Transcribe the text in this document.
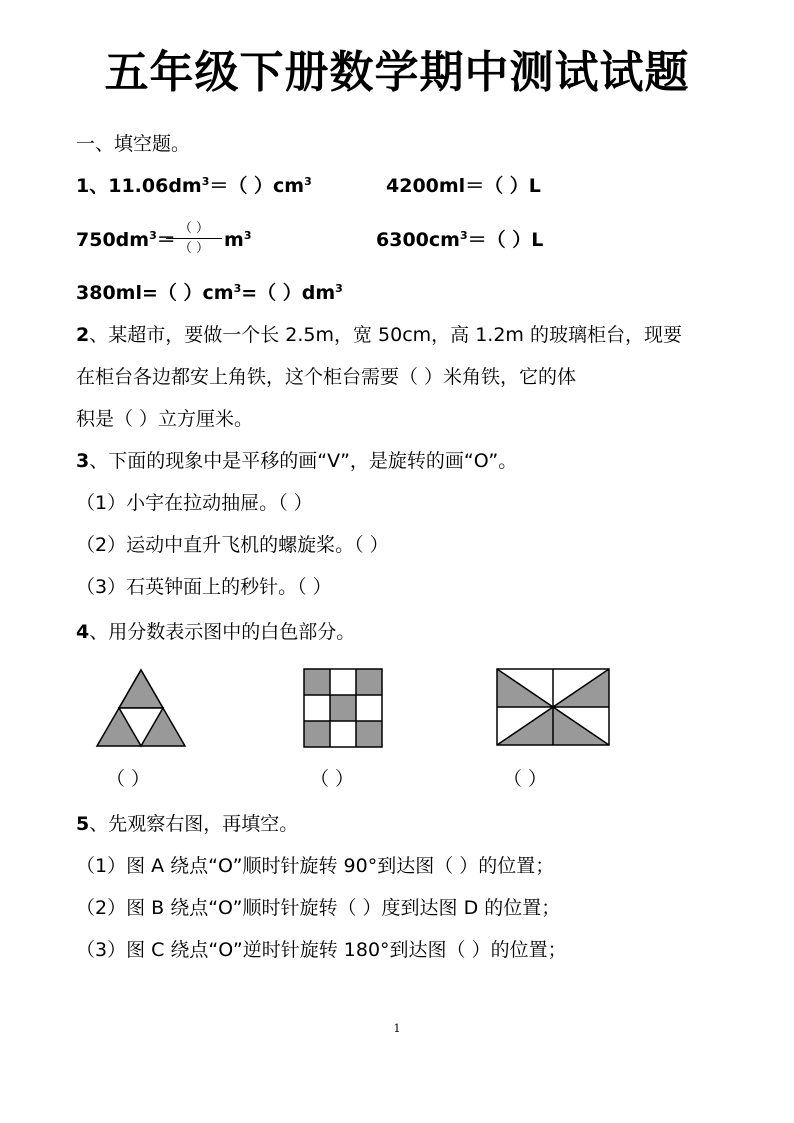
五年级下册数学期中测试试题
一、填空题。
1、$11.06dm^3=$（ ）$cm^3$	4200ml＝（ ）L
$750dm^3=$
（ ）
（ ） $m^3$	$6300cm^3=$（ ）L
380ml=（ ）$cm^3=$（ ）$dm^3$
2、某超市，要做一个长 2.5m，宽 50cm，高 1.2m 的玻璃柜台，现要
在柜台各边都安上角铁，这个柜台需要（ ）米角铁，它的体
积是（ ）立方厘米。
3、下面的现象中是平移的画“V”，是旋转的画“O”。
（1）小宇在拉动抽屉。（ ）
（2）运动中直升飞机的螺旋桨。（ ）
（3）石英钟面上的秒针。（ ）
4、用分数表示图中的白色部分。
（ ）	（ ）	（ ）
5、先观察右图，再填空。
（1）图 A 绕点“O”顺时针旋转 90°到达图（ ）的位置；
（2）图 B 绕点“O”顺时针旋转（ ）度到达图 D 的位置；
（3）图 C 绕点“O”逆时针旋转 180°到达图（ ）的位置；
1
